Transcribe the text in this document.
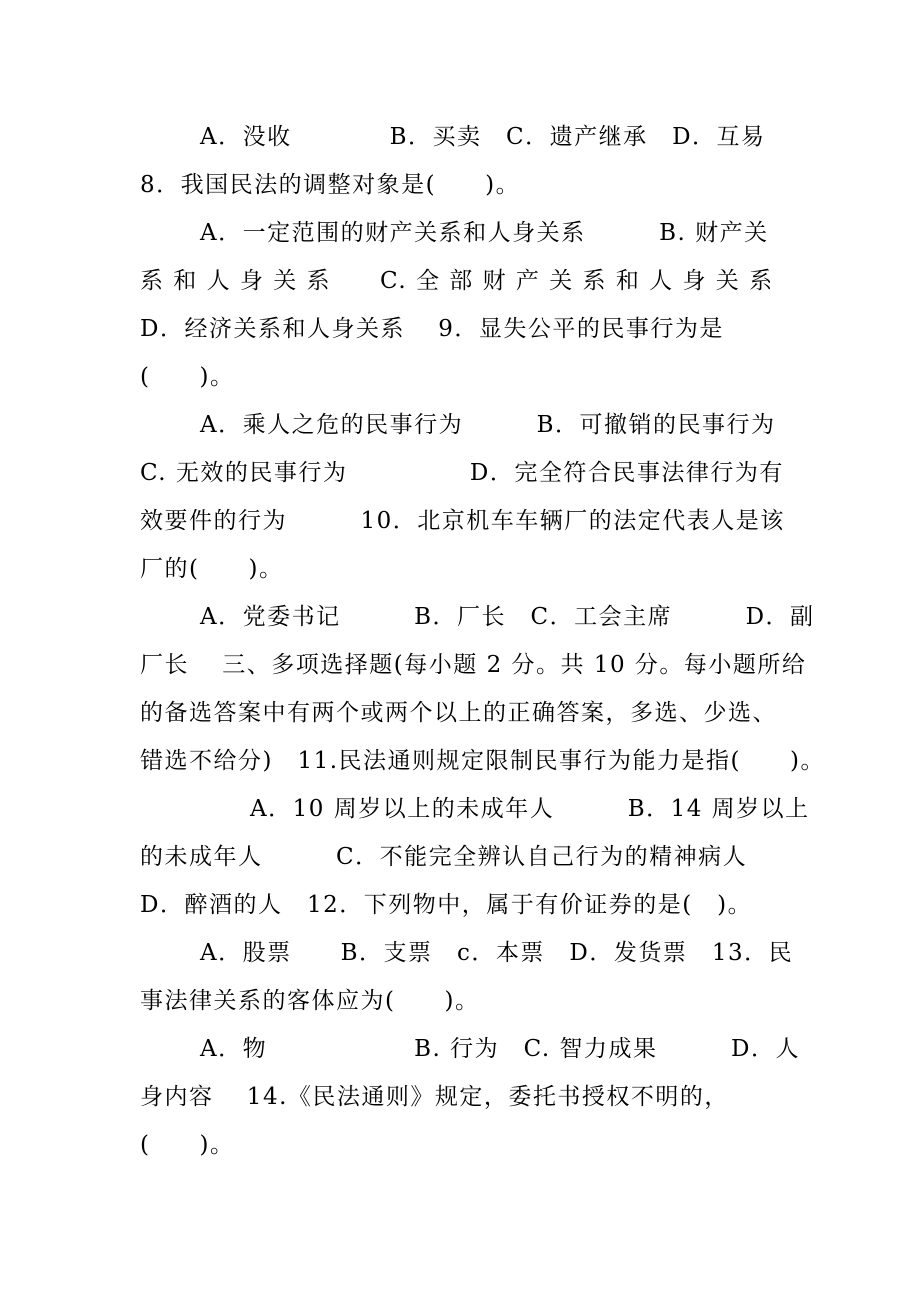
A．没收　　　　B．买卖　C．遗产继承　D．互易
8．我国民法的调整对象是(　　)。
A．一定范围的财产关系和人身关系　　　B. 财产关
系 和 人 身 关 系　　C. 全 部 财 产 关 系 和 人 身 关 系
D．经济关系和人身关系　 9．显失公平的民事行为是
(　　)。
A．乘人之危的民事行为　　　B．可撤销的民事行为
C. 无效的民事行为　　　　　D．完全符合民事法律行为有
效要件的行为　　　10．北京机车车辆厂的法定代表人是该
厂的(　　)。
A．党委书记　　　B．厂长　C．工会主席　　　D．副
厂长　 三、多项选择题(每小题 2 分。共 10 分。每小题所给
的备选答案中有两个或两个以上的正确答案，多选、少选、
错选不给分)　11.民法通则规定限制民事行为能力是指(　　)。
A．10 周岁以上的未成年人　　　B．14 周岁以上
的未成年人　　　C．不能完全辨认自己行为的精神病人
D．醉酒的人　12．下列物中，属于有价证券的是(　)。
A．股票　　B．支票　c．本票　D．发货票　13．民
事法律关系的客体应为(　　)。
A．物　　　　　　B. 行为　C. 智力成果　　　D．人
身内容　 14.《民法通则》规定，委托书授权不明的，
(　　)。
